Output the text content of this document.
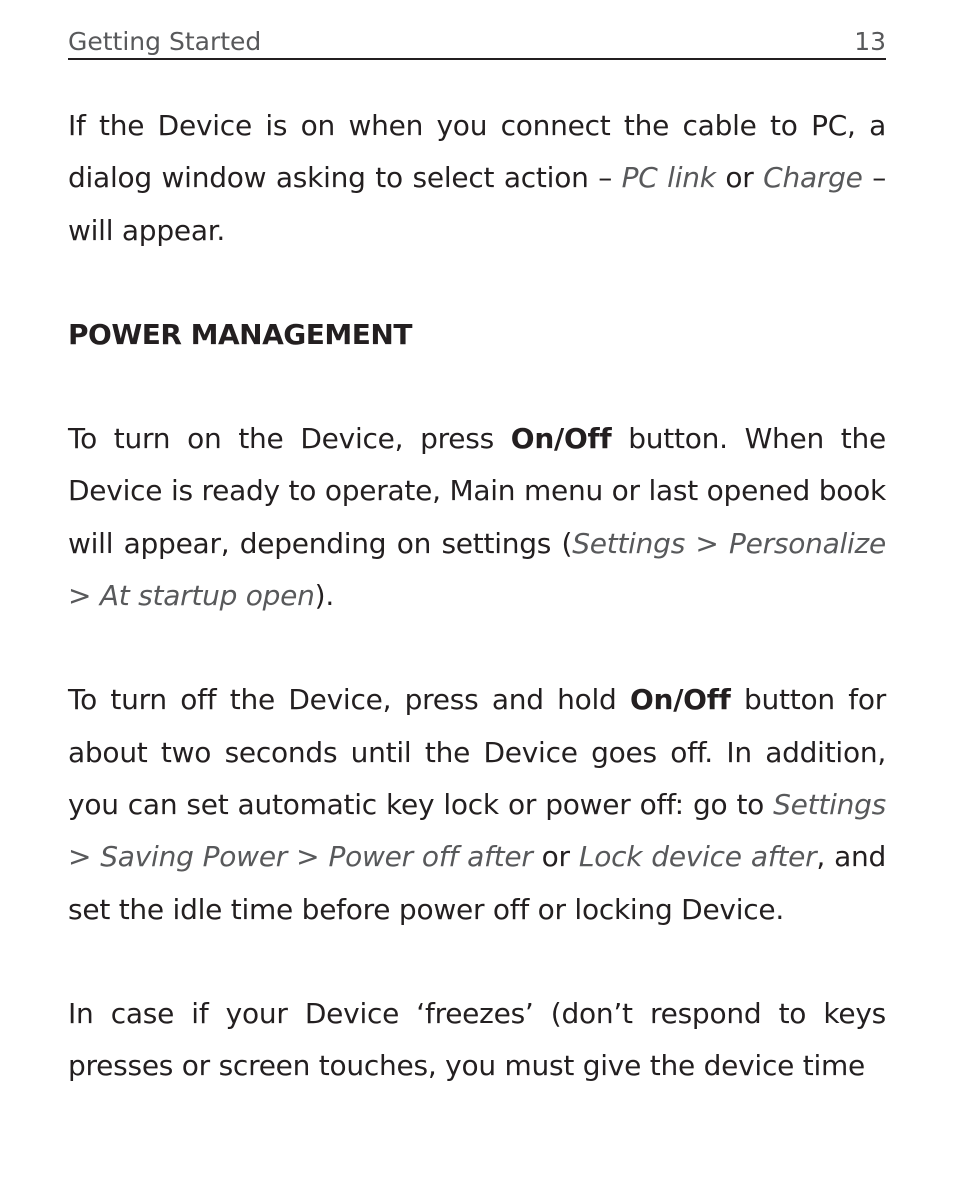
Getting Started	13

If the Device is on when you connect the cable to PC, a dialog window asking to select action – PC link or Charge – will appear.

POWER MANAGEMENT

To turn on the Device, press On/Off button. When the Device is ready to operate, Main menu or last opened book will appear, depending on settings (Settings > Personalize > At startup open).

To turn off the Device, press and hold On/Off button for about two seconds until the Device goes off. In addition, you can set automatic key lock or power off: go to Settings > Saving Power > Power off after or Lock device after, and set the idle time before power off or locking Device.

In case if your Device ‘freezes’ (don’t respond to keys presses or screen touches, you must give the device time
